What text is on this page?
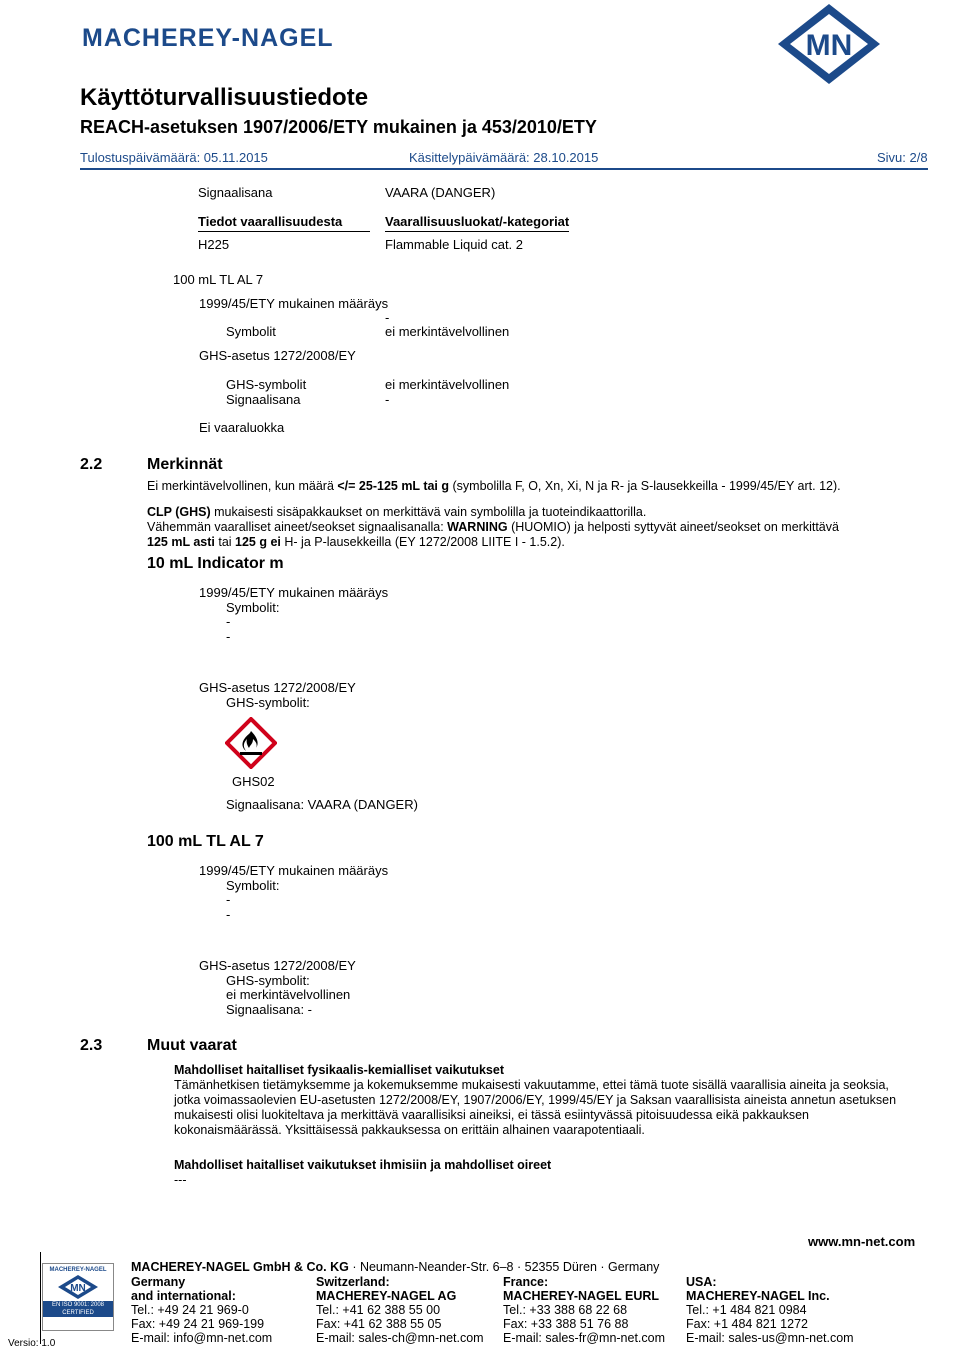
MACHEREY-NAGEL	MN
Käyttöturvallisuustiedote
REACH-asetuksen 1907/2006/ETY mukainen ja 453/2010/ETY
Tulostuspäivämäärä: 05.11.2015	Käsittelypäivämäärä: 28.10.2015	Sivu: 2/8
Signaalisana	VAARA (DANGER)
Tiedot vaarallisuudesta	Vaarallisuusluokat/-kategoriat
H225	Flammable Liquid cat. 2
100 mL TL AL 7
1999/45/ETY mukainen määräys
-
Symbolit	ei merkintävelvollinen
GHS-asetus 1272/2008/EY
GHS-symbolit	ei merkintävelvollinen
Signaalisana	-
Ei vaaraluokka
2.2	Merkinnät
Ei merkintävelvollinen, kun määrä </= 25-125 mL tai g (symbolilla F, O, Xn, Xi, N ja R- ja S-lausekkeilla - 1999/45/EY art. 12).
CLP (GHS) mukaisesti sisäpakkaukset on merkittävä vain symbolilla ja tuoteindikaattorilla.
Vähemmän vaaralliset aineet/seokset signaalisanalla: WARNING (HUOMIO) ja helposti syttyvät aineet/seokset on merkittävä
125 mL asti tai 125 g ei H- ja P-lausekkeilla (EY 1272/2008 LIITE I - 1.5.2).
10 mL Indicator m
1999/45/ETY mukainen määräys
Symbolit:
-
-
GHS-asetus 1272/2008/EY
GHS-symbolit:
GHS02
Signaalisana: VAARA (DANGER)
100 mL TL AL 7
1999/45/ETY mukainen määräys
Symbolit:
-
-
GHS-asetus 1272/2008/EY
GHS-symbolit:
ei merkintävelvollinen
Signaalisana: -
2.3	Muut vaarat
Mahdolliset haitalliset fysikaalis-kemialliset vaikutukset
Tämänhetkisen tietämyksemme ja kokemuksemme mukaisesti vakuutamme, ettei tämä tuote sisällä vaarallisia aineita ja seoksia,
jotka voimassaolevien EU-asetusten 1272/2008/EY, 1907/2006/EY, 1999/45/EY ja Saksan vaarallisista aineista annetun asetuksen
mukaisesti olisi luokiteltava ja merkittävä vaarallisiksi aineiksi, ei tässä esiintyvässä pitoisuudessa eikä pakkauksen
kokonaismäärässä. Yksittäisessä pakkauksessa on erittäin alhainen vaarapotentiaali.
Mahdolliset haitalliset vaikutukset ihmisiin ja mahdolliset oireet
---
www.mn-net.com
MACHEREY-NAGEL
MN
EN ISO 9001: 2008
CERTIFIED
Versio: 1.0
MACHEREY-NAGEL GmbH & Co. KG · Neumann-Neander-Str. 6–8 · 52355 Düren · Germany
Germany
and international:
Tel.: +49 24 21 969-0
Fax: +49 24 21 969-199
E-mail: info@mn-net.com
Switzerland:
MACHEREY-NAGEL AG
Tel.: +41 62 388 55 00
Fax: +41 62 388 55 05
E-mail: sales-ch@mn-net.com
France:
MACHEREY-NAGEL EURL
Tel.: +33 388 68 22 68
Fax: +33 388 51 76 88
E-mail: sales-fr@mn-net.com
USA:
MACHEREY-NAGEL Inc.
Tel.: +1 484 821 0984
Fax: +1 484 821 1272
E-mail: sales-us@mn-net.com
